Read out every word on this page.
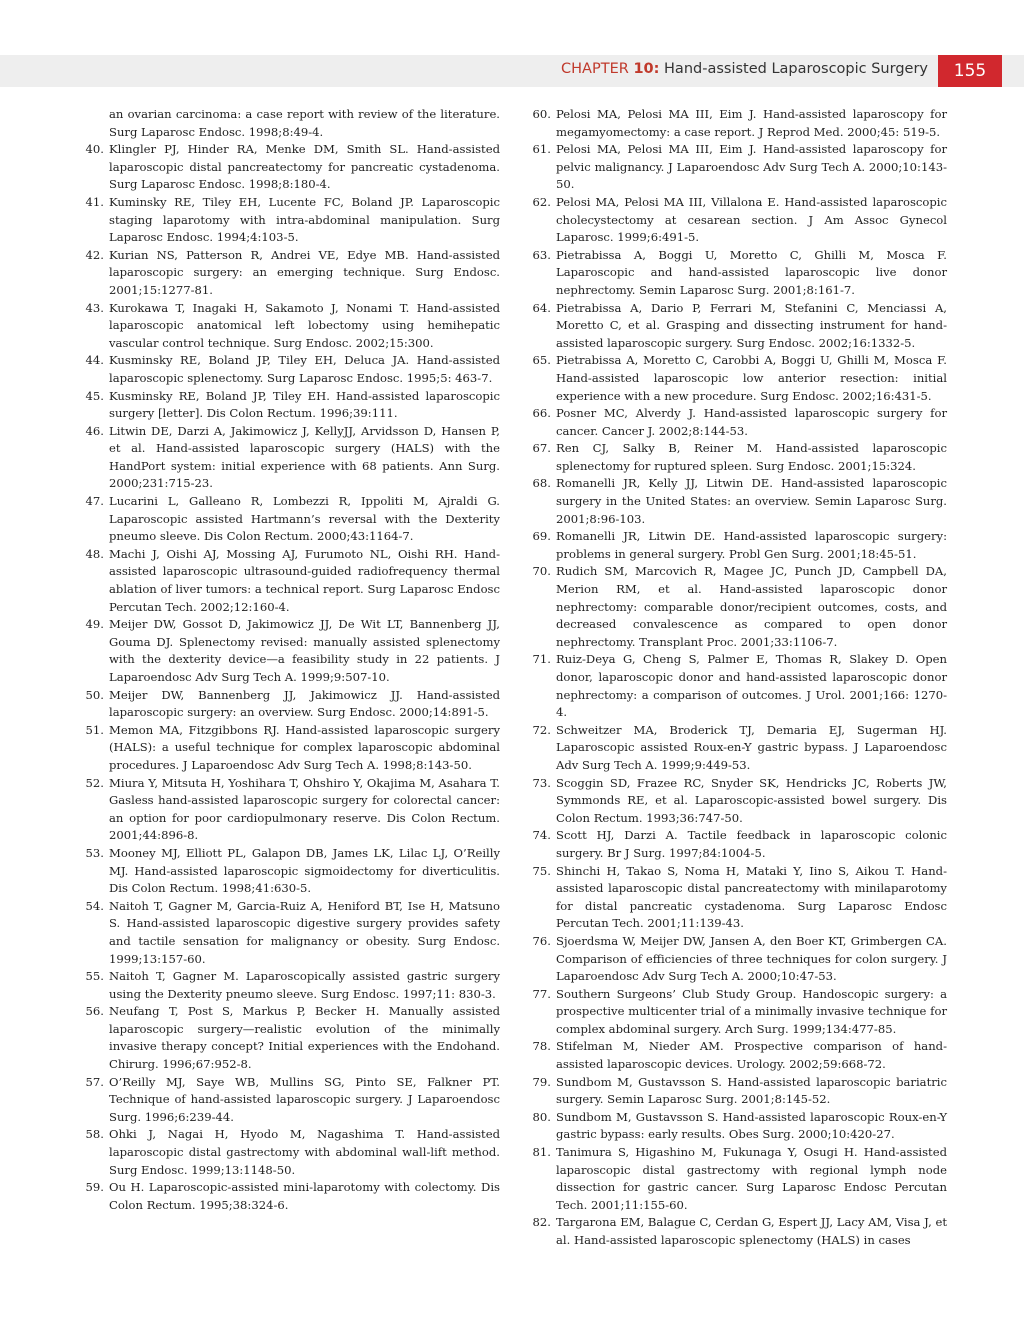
CHAPTER 10: Hand-assisted Laparoscopic Surgery	155
an ovarian carcinoma: a case report with review of the literature. Surg Laparosc Endosc. 1998;8:49-4.
40. Klingler PJ, Hinder RA, Menke DM, Smith SL. Hand-assisted laparoscopic distal pancreatectomy for pancreatic cystadenoma. Surg Laparosc Endosc. 1998;8:180-4.
41. Kuminsky RE, Tiley EH, Lucente FC, Boland JP. Laparoscopic staging laparotomy with intra-abdominal manipulation. Surg Laparosc Endosc. 1994;4:103-5.
42. Kurian NS, Patterson R, Andrei VE, Edye MB. Hand-assisted laparoscopic surgery: an emerging technique. Surg Endosc. 2001;15:1277-81.
43. Kurokawa T, Inagaki H, Sakamoto J, Nonami T. Hand-assisted laparoscopic anatomical left lobectomy using hemihepatic vascular control technique. Surg Endosc. 2002;15:300.
44. Kusminsky RE, Boland JP, Tiley EH, Deluca JA. Hand-assisted laparoscopic splenectomy. Surg Laparosc Endosc. 1995;5: 463-7.
45. Kusminsky RE, Boland JP, Tiley EH. Hand-assisted laparoscopic surgery [letter]. Dis Colon Rectum. 1996;39:111.
46. Litwin DE, Darzi A, Jakimowicz J, KellyJJ, Arvidsson D, Hansen P, et al. Hand-assisted laparoscopic surgery (HALS) with the HandPort system: initial experience with 68 patients. Ann Surg. 2000;231:715-23.
47. Lucarini L, Galleano R, Lombezzi R, Ippoliti M, Ajraldi G. Laparoscopic assisted Hartmann’s reversal with the Dexterity pneumo sleeve. Dis Colon Rectum. 2000;43:1164-7.
48. Machi J, Oishi AJ, Mossing AJ, Furumoto NL, Oishi RH. Hand-assisted laparoscopic ultrasound-guided radiofrequency thermal ablation of liver tumors: a technical report. Surg Laparosc Endosc Percutan Tech. 2002;12:160-4.
49. Meijer DW, Gossot D, Jakimowicz JJ, De Wit LT, Bannenberg JJ, Gouma DJ. Splenectomy revised: manually assisted splenectomy with the dexterity device—a feasibility study in 22 patients. J Laparoendosc Adv Surg Tech A. 1999;9:507-10.
50. Meijer DW, Bannenberg JJ, Jakimowicz JJ. Hand-assisted laparoscopic surgery: an overview. Surg Endosc. 2000;14:891-5.
51. Memon MA, Fitzgibbons RJ. Hand-assisted laparoscopic surgery (HALS): a useful technique for complex laparoscopic abdominal procedures. J Laparoendosc Adv Surg Tech A. 1998;8:143-50.
52. Miura Y, Mitsuta H, Yoshihara T, Ohshiro Y, Okajima M, Asahara T. Gasless hand-assisted laparoscopic surgery for colorectal cancer: an option for poor cardiopulmonary reserve. Dis Colon Rectum. 2001;44:896-8.
53. Mooney MJ, Elliott PL, Galapon DB, James LK, Lilac LJ, O’Reilly MJ. Hand-assisted laparoscopic sigmoidectomy for diverticulitis. Dis Colon Rectum. 1998;41:630-5.
54. Naitoh T, Gagner M, Garcia-Ruiz A, Heniford BT, Ise H, Matsuno S. Hand-assisted laparoscopic digestive surgery provides safety and tactile sensation for malignancy or obesity. Surg Endosc. 1999;13:157-60.
55. Naitoh T, Gagner M. Laparoscopically assisted gastric surgery using the Dexterity pneumo sleeve. Surg Endosc. 1997;11: 830-3.
56. Neufang T, Post S, Markus P, Becker H. Manually assisted laparoscopic surgery—realistic evolution of the minimally invasive therapy concept? Initial experiences with the Endohand. Chirurg. 1996;67:952-8.
57. O’Reilly MJ, Saye WB, Mullins SG, Pinto SE, Falkner PT. Technique of hand-assisted laparoscopic surgery. J Laparoendosc Surg. 1996;6:239-44.
58. Ohki J, Nagai H, Hyodo M, Nagashima T. Hand-assisted laparoscopic distal gastrectomy with abdominal wall-lift method. Surg Endosc. 1999;13:1148-50.
59. Ou H. Laparoscopic-assisted mini-laparotomy with colectomy. Dis Colon Rectum. 1995;38:324-6.
60. Pelosi MA, Pelosi MA III, Eim J. Hand-assisted laparoscopy for megamyomectomy: a case report. J Reprod Med. 2000;45: 519-5.
61. Pelosi MA, Pelosi MA III, Eim J. Hand-assisted laparoscopy for pelvic malignancy. J Laparoendosc Adv Surg Tech A. 2000;10:143-50.
62. Pelosi MA, Pelosi MA III, Villalona E. Hand-assisted laparoscopic cholecystectomy at cesarean section. J Am Assoc Gynecol Laparosc. 1999;6:491-5.
63. Pietrabissa A, Boggi U, Moretto C, Ghilli M, Mosca F. Laparoscopic and hand-assisted laparoscopic live donor nephrectomy. Semin Laparosc Surg. 2001;8:161-7.
64. Pietrabissa A, Dario P, Ferrari M, Stefanini C, Menciassi A, Moretto C, et al. Grasping and dissecting instrument for hand-assisted laparoscopic surgery. Surg Endosc. 2002;16:1332-5.
65. Pietrabissa A, Moretto C, Carobbi A, Boggi U, Ghilli M, Mosca F. Hand-assisted laparoscopic low anterior resection: initial experience with a new procedure. Surg Endosc. 2002;16:431-5.
66. Posner MC, Alverdy J. Hand-assisted laparoscopic surgery for cancer. Cancer J. 2002;8:144-53.
67. Ren CJ, Salky B, Reiner M. Hand-assisted laparoscopic splenectomy for ruptured spleen. Surg Endosc. 2001;15:324.
68. Romanelli JR, Kelly JJ, Litwin DE. Hand-assisted laparoscopic surgery in the United States: an overview. Semin Laparosc Surg. 2001;8:96-103.
69. Romanelli JR, Litwin DE. Hand-assisted laparoscopic surgery: problems in general surgery. Probl Gen Surg. 2001;18:45-51.
70. Rudich SM, Marcovich R, Magee JC, Punch JD, Campbell DA, Merion RM, et al. Hand-assisted laparoscopic donor nephrectomy: comparable donor/recipient outcomes, costs, and decreased convalescence as compared to open donor nephrectomy. Transplant Proc. 2001;33:1106-7.
71. Ruiz-Deya G, Cheng S, Palmer E, Thomas R, Slakey D. Open donor, laparoscopic donor and hand-assisted laparoscopic donor nephrectomy: a comparison of outcomes. J Urol. 2001;166: 1270-4.
72. Schweitzer MA, Broderick TJ, Demaria EJ, Sugerman HJ. Laparoscopic assisted Roux-en-Y gastric bypass. J Laparoendosc Adv Surg Tech A. 1999;9:449-53.
73. Scoggin SD, Frazee RC, Snyder SK, Hendricks JC, Roberts JW, Symmonds RE, et al. Laparoscopic-assisted bowel surgery. Dis Colon Rectum. 1993;36:747-50.
74. Scott HJ, Darzi A. Tactile feedback in laparoscopic colonic surgery. Br J Surg. 1997;84:1004-5.
75. Shinchi H, Takao S, Noma H, Mataki Y, Iino S, Aikou T. Hand-assisted laparoscopic distal pancreatectomy with minilaparotomy for distal pancreatic cystadenoma. Surg Laparosc Endosc Percutan Tech. 2001;11:139-43.
76. Sjoerdsma W, Meijer DW, Jansen A, den Boer KT, Grimbergen CA. Comparison of efficiencies of three techniques for colon surgery. J Laparoendosc Adv Surg Tech A. 2000;10:47-53.
77. Southern Surgeons’ Club Study Group. Handoscopic surgery: a prospective multicenter trial of a minimally invasive technique for complex abdominal surgery. Arch Surg. 1999;134:477-85.
78. Stifelman M, Nieder AM. Prospective comparison of hand-assisted laparoscopic devices. Urology. 2002;59:668-72.
79. Sundbom M, Gustavsson S. Hand-assisted laparoscopic bariatric surgery. Semin Laparosc Surg. 2001;8:145-52.
80. Sundbom M, Gustavsson S. Hand-assisted laparoscopic Roux-en-Y gastric bypass: early results. Obes Surg. 2000;10:420-27.
81. Tanimura S, Higashino M, Fukunaga Y, Osugi H. Hand-assisted laparoscopic distal gastrectomy with regional lymph node dissection for gastric cancer. Surg Laparosc Endosc Percutan Tech. 2001;11:155-60.
82. Targarona EM, Balague C, Cerdan G, Espert JJ, Lacy AM, Visa J, et al. Hand-assisted laparoscopic splenectomy (HALS) in cases
